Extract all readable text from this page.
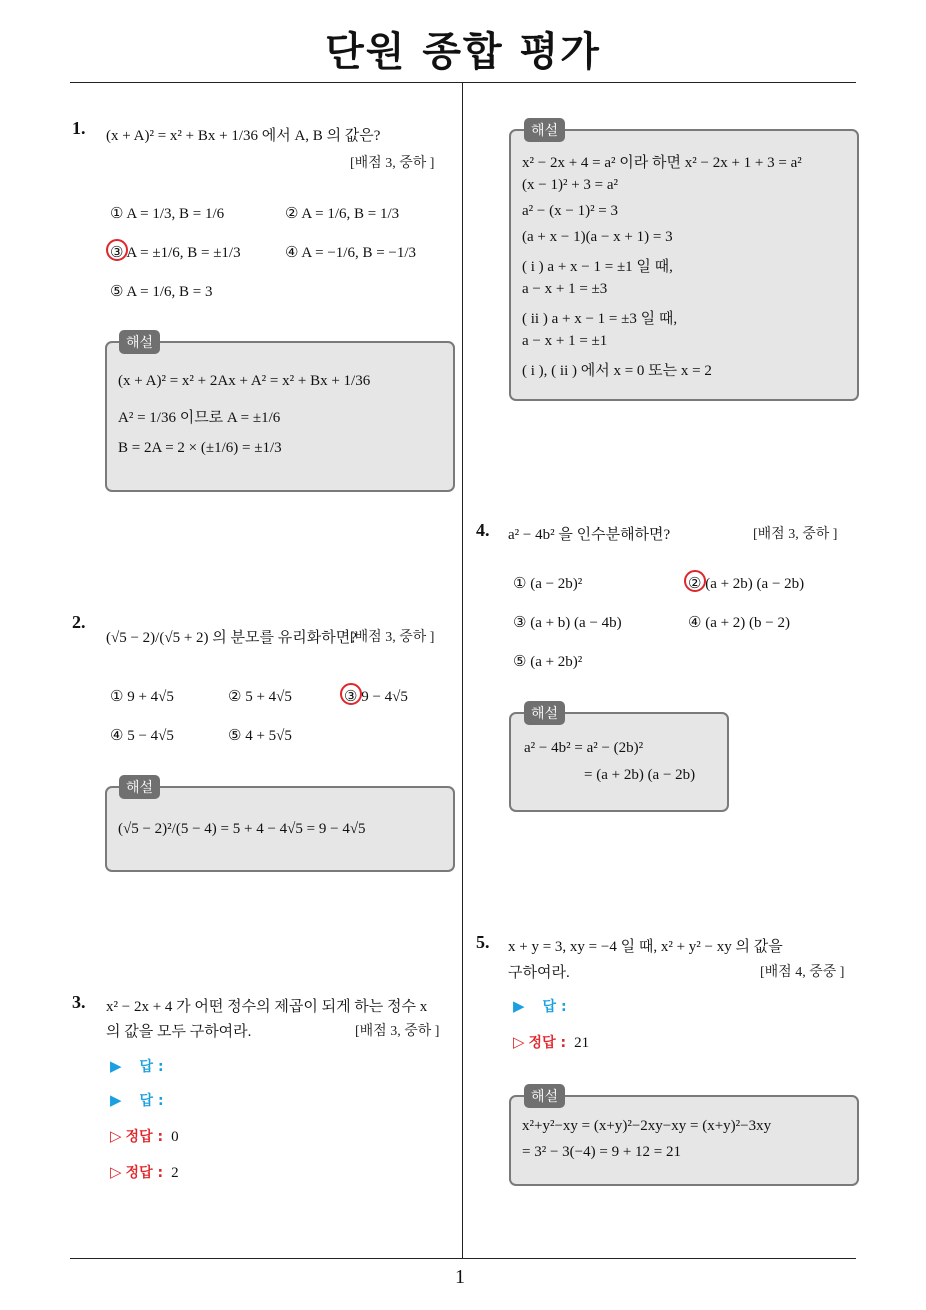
단원 종합 평가
1
1. (x + A)² = x² + Bx + 1/36 에서 A, B 의 값은?
[배점 3, 중하 ]
① A = 1/3, B = 1/6	② A = 1/6, B = 1/3
③ A = ±1/6, B = ±1/3	④ A = −1/6, B = −1/3
⑤ A = 1/6, B = 3
해설
(x + A)² = x² + 2Ax + A² = x² + Bx + 1/36
A² = 1/36 이므로 A = ±1/6
B = 2A = 2 × (±1/6) = ±1/3
2.
(√5 − 2)/(√5 + 2) 의 분모를 유리화하면?
[배점 3, 중하 ]
① 9 + 4√5	② 5 + 4√5	③ 9 − 4√5
④ 5 − 4√5	⑤ 4 + 5√5
해설
(√5 − 2)²/(5 − 4) = 5 + 4 − 4√5 = 9 − 4√5
3. x² − 2x + 4 가 어떤 정수의 제곱이 되게 하는 정수 x
의 값을 모두 구하여라.	[배점 3, 중하 ]
▶ 답 :
▶ 답 :
▷ 정답 : 0
▷ 정답 : 2
해설
x² − 2x + 4 = a² 이라 하면 x² − 2x + 1 + 3 = a²
(x − 1)² + 3 = a²
a² − (x − 1)² = 3
(a + x − 1)(a − x + 1) = 3
( i ) a + x − 1 = ±1 일 때,
a − x + 1 = ±3
( ii ) a + x − 1 = ±3 일 때,
a − x + 1 = ±1
( i ), ( ii ) 에서 x = 0 또는 x = 2
4. a² − 4b² 을 인수분해하면?	[배점 3, 중하 ]
① (a − 2b)²	② (a + 2b) (a − 2b)
③ (a + b) (a − 4b)	④ (a + 2) (b − 2)
⑤ (a + 2b)²
해설
a² − 4b² = a² − (2b)²
= (a + 2b) (a − 2b)
5. x + y = 3, xy = −4 일 때, x² + y² − xy 의 값을
구하여라.	[배점 4, 중중 ]
▶ 답 :
▷ 정답 : 21
해설
x²+y²−xy = (x+y)²−2xy−xy = (x+y)²−3xy
= 3² − 3(−4) = 9 + 12 = 21
